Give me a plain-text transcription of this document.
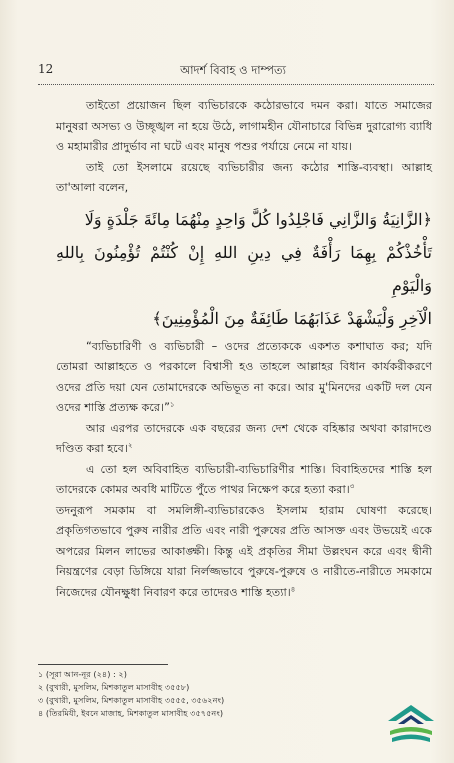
12	আদর্শ বিবাহ ও দাম্পত্য

তাইতো প্রয়োজন ছিল ব্যভিচারকে কঠোরভাবে দমন করা। যাতে সমাজের মানুষরা অসভ্য ও উচ্ছৃঙ্খল না হয়ে উঠে, লাগামহীন যৌনাচারে বিভিন্ন দুরারোগ্য ব্যাধি ও মহামারীর প্রাদুর্ভাব না ঘটে এবং মানুষ পশুর পর্যায়ে নেমে না যায়।

তাই তো ইসলামে রয়েছে ব্যভিচারীর জন্য কঠোর শাস্তি-ব্যবস্থা। আল্লাহ তা'আলা বলেন,

﴿الزَّانِيَةُ وَالزَّانِي فَاجْلِدُوا كُلَّ وَاحِدٍ مِنْهُمَا مِائَةَ جَلْدَةٍ وَلَا
تَأْخُذْكُمْ بِهِمَا رَأْفَةٌ فِي دِينِ اللهِ إِنْ كُنْتُمْ تُؤْمِنُونَ بِاللهِ وَالْيَوْمِ
الْآخِرِ وَلْيَشْهَدْ عَذَابَهُمَا طَائِفَةٌ مِنَ الْمُؤْمِنِينَ﴾

“ব্যভিচারিণী ও ব্যভিচারী – ওদের প্রত্যেককে একশত কশাঘাত কর; যদি তোমরা আল্লাহতে ও পরকালে বিশ্বাসী হও তাহলে আল্লাহর বিধান কার্যকরীকরণে ওদের প্রতি দয়া যেন তোমাদেরকে অভিভূত না করে। আর মু'মিনদের একটি দল যেন ওদের শাস্তি প্রত্যক্ষ করে।”$^১$

আর এরপর তাদেরকে এক বছরের জন্য দেশ থেকে বহিষ্কার অথবা কারাদণ্ডে দণ্ডিত করা হবে।$^২$

এ তো হল অবিবাহিত ব্যভিচারী-ব্যভিচারিণীর শাস্তি। বিবাহিতদের শাস্তি হল তাদেরকে কোমর অবধি মাটিতে পুঁতে পাথর নিক্ষেপ করে হত্যা করা।$^৩$

তদনুরূপ সমকাম বা সমলিঙ্গী-ব্যভিচারকেও ইসলাম হারাম ঘোষণা করেছে। প্রকৃতিগতভাবে পুরুষ নারীর প্রতি এবং নারী পুরুষের প্রতি আসক্ত এবং উভয়েই একে অপরের মিলন লাভের আকাঙ্ক্ষী। কিন্তু এই প্রকৃতির সীমা উল্লংঘন করে এবং দ্বীনী নিয়ন্ত্রণের বেড়া ডিঙ্গিয়ে যারা নির্লজ্জভাবে পুরুষে-পুরুষে ও নারীতে-নারীতে সমকামে নিজেদের যৌনক্ষুধা নিবারণ করে তাদেরও শাস্তি হত্যা।$^৪$

১ (সূরা আন-নূর (২৪) : ২)

২ (বুখারী, মুসলিম, মিশকাতুল মাসাবীহ ৩৫৫৮)

৩ (বুখারী, মুসলিম, মিশকাতুল মাসাবীহ ৩৫৫৫, ৩৫৬২নং)

৪ (তিরমিযী, ইবনে মাজাহ, মিশকাতুল মাসাবীহ ৩৫৭৫নং)
